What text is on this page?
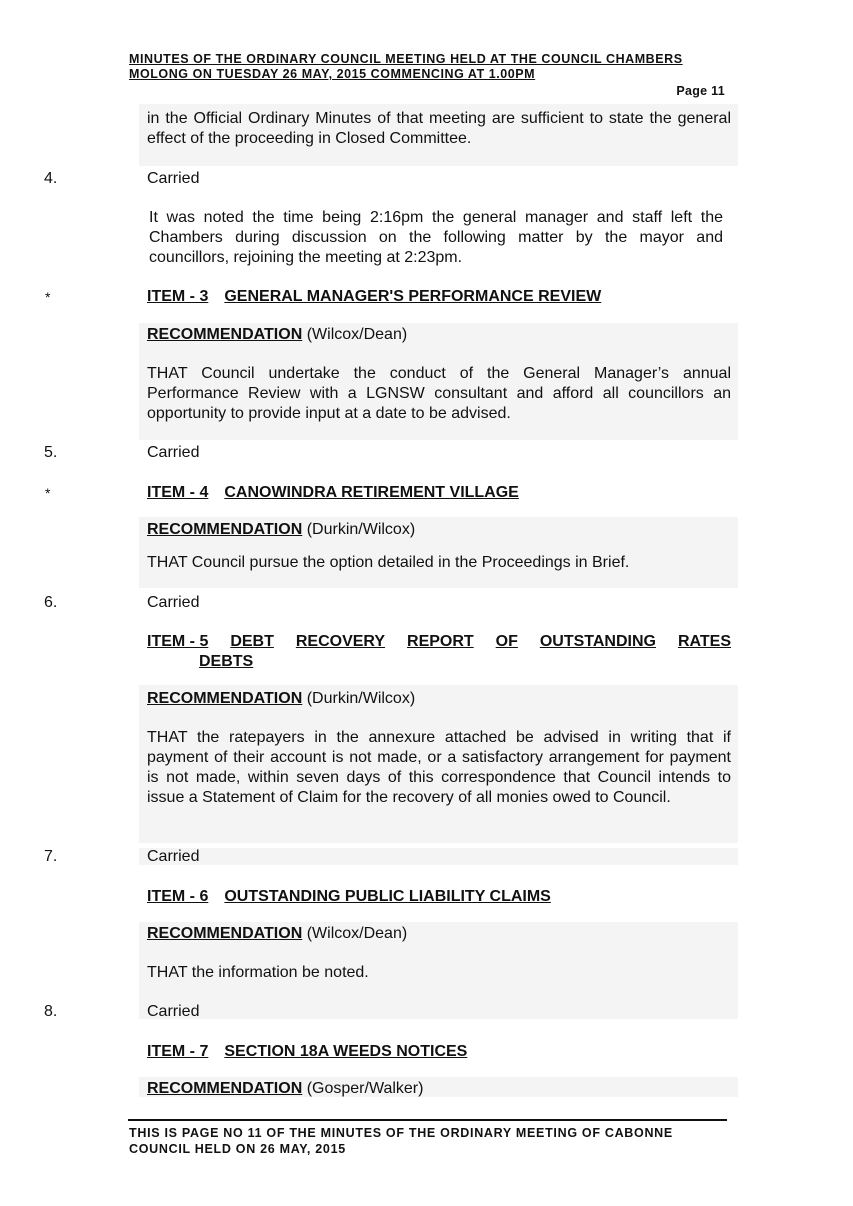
MINUTES OF THE ORDINARY COUNCIL MEETING HELD AT THE COUNCIL CHAMBERS
MOLONG ON TUESDAY 26 MAY, 2015 COMMENCING AT 1.00PM
Page 11
in the Official Ordinary Minutes of that meeting are sufficient to state the general effect of the proceeding in Closed Committee.
4.	Carried
It was noted the time being 2:16pm the general manager and staff left the Chambers during discussion on the following matter by the mayor and councillors, rejoining the meeting at 2:23pm.
*	ITEM - 3 GENERAL MANAGER'S PERFORMANCE REVIEW
RECOMMENDATION (Wilcox/Dean)
THAT Council undertake the conduct of the General Manager’s annual Performance Review with a LGNSW consultant and afford all councillors an opportunity to provide input at a date to be advised.
5.	Carried
*	ITEM - 4 CANOWINDRA RETIREMENT VILLAGE
RECOMMENDATION (Durkin/Wilcox)
THAT Council pursue the option detailed in the Proceedings in Brief.
6.	Carried
ITEM - 5 DEBT RECOVERY REPORT OF OUTSTANDING RATES
DEBTS
RECOMMENDATION (Durkin/Wilcox)
THAT the ratepayers in the annexure attached be advised in writing that if payment of their account is not made, or a satisfactory arrangement for payment is not made, within seven days of this correspondence that Council intends to issue a Statement of Claim for the recovery of all monies owed to Council.
7.	Carried
ITEM - 6 OUTSTANDING PUBLIC LIABILITY CLAIMS
RECOMMENDATION (Wilcox/Dean)
THAT the information be noted.
8.	Carried
ITEM - 7 SECTION 18A WEEDS NOTICES
RECOMMENDATION (Gosper/Walker)
THIS IS PAGE NO 11 OF THE MINUTES OF THE ORDINARY MEETING OF CABONNE
COUNCIL HELD ON 26 MAY, 2015
